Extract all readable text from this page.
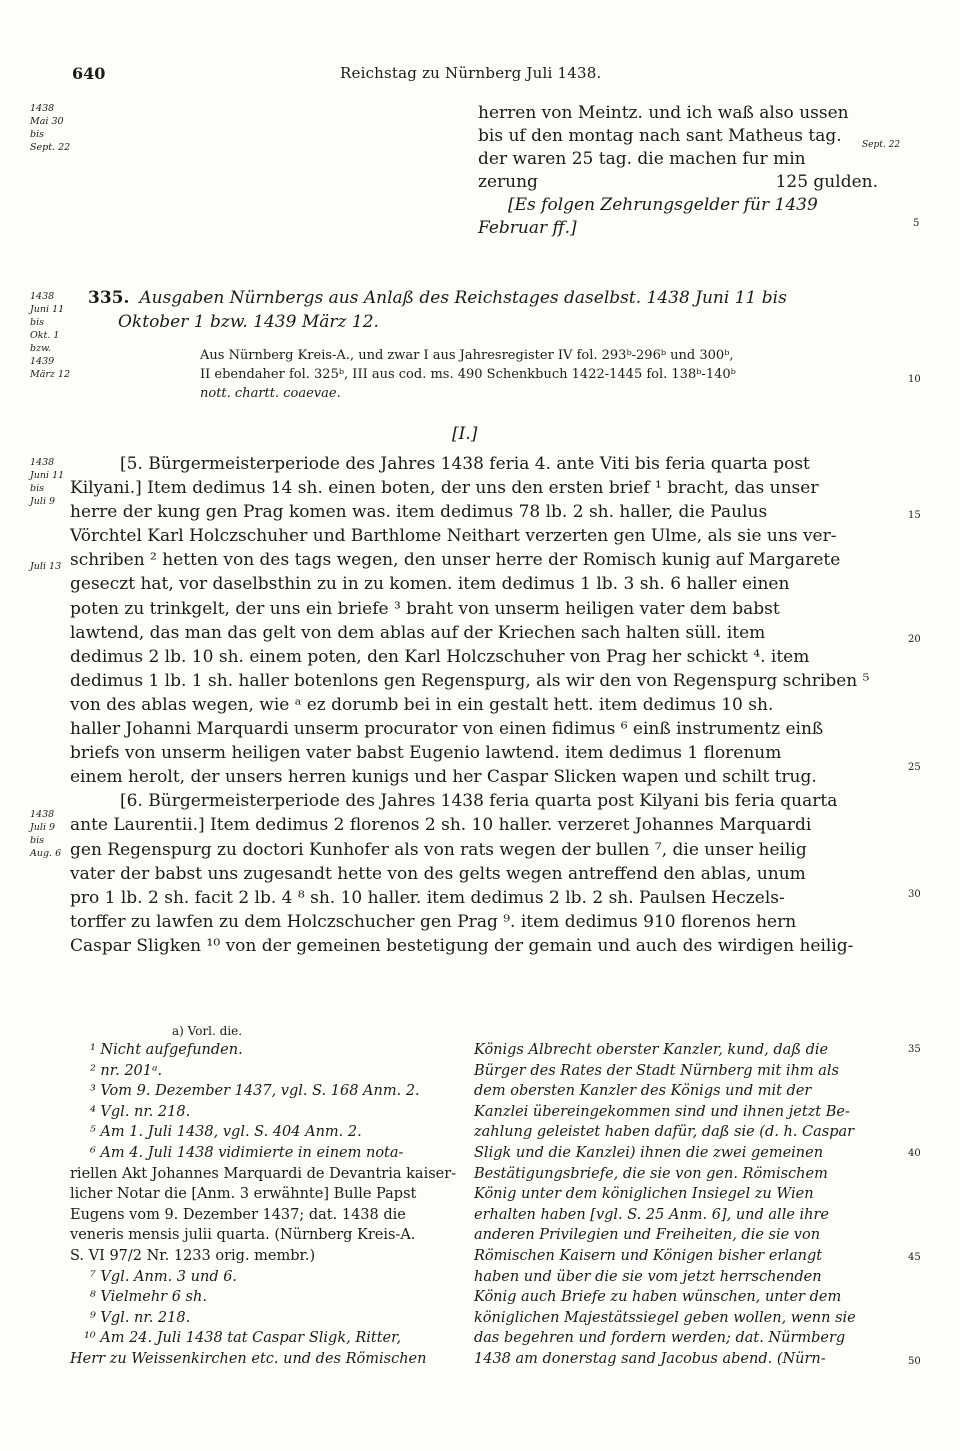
640	Reichstag zu Nürnberg Juli 1438.
1438
Mai 30
bis
Sept. 22
1438
Juni 11
bis
Okt. 1
bzw.
1439
März 12
1438
Juni 11
bis
Juli 9
Juli 13
1438
Juli 9
bis
Aug. 6
Sept. 22
5
10
15
20
25
30
35
40
45
50
herren von Meintz. und ich waß also ussen
bis uf den montag nach sant Matheus tag.
der waren 25 tag. die machen fur min
zerung	125 gulden.
[Es folgen Zehrungsgelder für 1439
Februar ff.]
335. Ausgaben Nürnbergs aus Anlaß des Reichstages daselbst. 1438 Juni 11 bis
Oktober 1 bzw. 1439 März 12.
Aus Nürnberg Kreis-A., und zwar I aus Jahresregister IV fol. 293ᵇ-296ᵇ und 300ᵇ,
II ebendaher fol. 325ᵇ, III aus cod. ms. 490 Schenkbuch 1422-1445 fol. 138ᵇ-140ᵇ
nott. chartt. coaevae.
[I.]
[5. Bürgermeisterperiode des Jahres 1438 feria 4. ante Viti bis feria quarta post
Kilyani.] Item dedimus 14 sh. einen boten, der uns den ersten brief ¹ bracht, das unser
herre der kung gen Prag komen was. item dedimus 78 lb. 2 sh. haller, die Paulus
Vörchtel Karl Holczschuher und Barthlome Neithart verzerten gen Ulme, als sie uns ver-
schriben ² hetten von des tags wegen, den unser herre der Romisch kunig auf Margarete
geseczt hat, vor daselbsthin zu in zu komen. item dedimus 1 lb. 3 sh. 6 haller einen
poten zu trinkgelt, der uns ein briefe ³ braht von unserm heiligen vater dem babst
lawtend, das man das gelt von dem ablas auf der Kriechen sach halten süll. item
dedimus 2 lb. 10 sh. einem poten, den Karl Holczschuher von Prag her schickt ⁴. item
dedimus 1 lb. 1 sh. haller botenlons gen Regenspurg, als wir den von Regenspurg schriben ⁵
von des ablas wegen, wie ᵃ ez dorumb bei in ein gestalt hett. item dedimus 10 sh.
haller Johanni Marquardi unserm procurator von einen fidimus ⁶ einß instrumentz einß
briefs von unserm heiligen vater babst Eugenio lawtend. item dedimus 1 florenum
einem herolt, der unsers herren kunigs und her Caspar Slicken wapen und schilt trug.
[6. Bürgermeisterperiode des Jahres 1438 feria quarta post Kilyani bis feria quarta
ante Laurentii.] Item dedimus 2 florenos 2 sh. 10 haller. verzeret Johannes Marquardi
gen Regenspurg zu doctori Kunhofer als von rats wegen der bullen ⁷, die unser heilig
vater der babst uns zugesandt hette von des gelts wegen antreffend den ablas, unum
pro 1 lb. 2 sh. facit 2 lb. 4 ⁸ sh. 10 haller. item dedimus 2 lb. 2 sh. Paulsen Heczels-
torffer zu lawfen zu dem Holczschucher gen Prag ⁹. item dedimus 910 florenos hern
Caspar Sligken ¹⁰ von der gemeinen bestetigung der gemain und auch des wirdigen heilig-
a) Vorl. die.
¹ Nicht aufgefunden.
² nr. 201ᵃ.
³ Vom 9. Dezember 1437, vgl. S. 168 Anm. 2.
⁴ Vgl. nr. 218.
⁵ Am 1. Juli 1438, vgl. S. 404 Anm. 2.
⁶ Am 4. Juli 1438 vidimierte in einem nota-
riellen Akt Johannes Marquardi de Devantria kaiser-
licher Notar die [Anm. 3 erwähnte] Bulle Papst
Eugens vom 9. Dezember 1437; dat. 1438 die
veneris mensis julii quarta. (Nürnberg Kreis-A.
S. VI 97/2 Nr. 1233 orig. membr.)
⁷ Vgl. Anm. 3 und 6.
⁸ Vielmehr 6 sh.
⁹ Vgl. nr. 218.
¹⁰ Am 24. Juli 1438 tat Caspar Sligk, Ritter,
Herr zu Weissenkirchen etc. und des Römischen
Königs Albrecht oberster Kanzler, kund, daß die
Bürger des Rates der Stadt Nürnberg mit ihm als
dem obersten Kanzler des Königs und mit der
Kanzlei übereingekommen sind und ihnen jetzt Be-
zahlung geleistet haben dafür, daß sie (d. h. Caspar
Sligk und die Kanzlei) ihnen die zwei gemeinen
Bestätigungsbriefe, die sie von gen. Römischem
König unter dem königlichen Insiegel zu Wien
erhalten haben [vgl. S. 25 Anm. 6], und alle ihre
anderen Privilegien und Freiheiten, die sie von
Römischen Kaisern und Königen bisher erlangt
haben und über die sie vom jetzt herrschenden
König auch Briefe zu haben wünschen, unter dem
königlichen Majestätssiegel geben wollen, wenn sie
das begehren und fordern werden; dat. Nürmberg
1438 am donerstag sand Jacobus abend. (Nürn-
